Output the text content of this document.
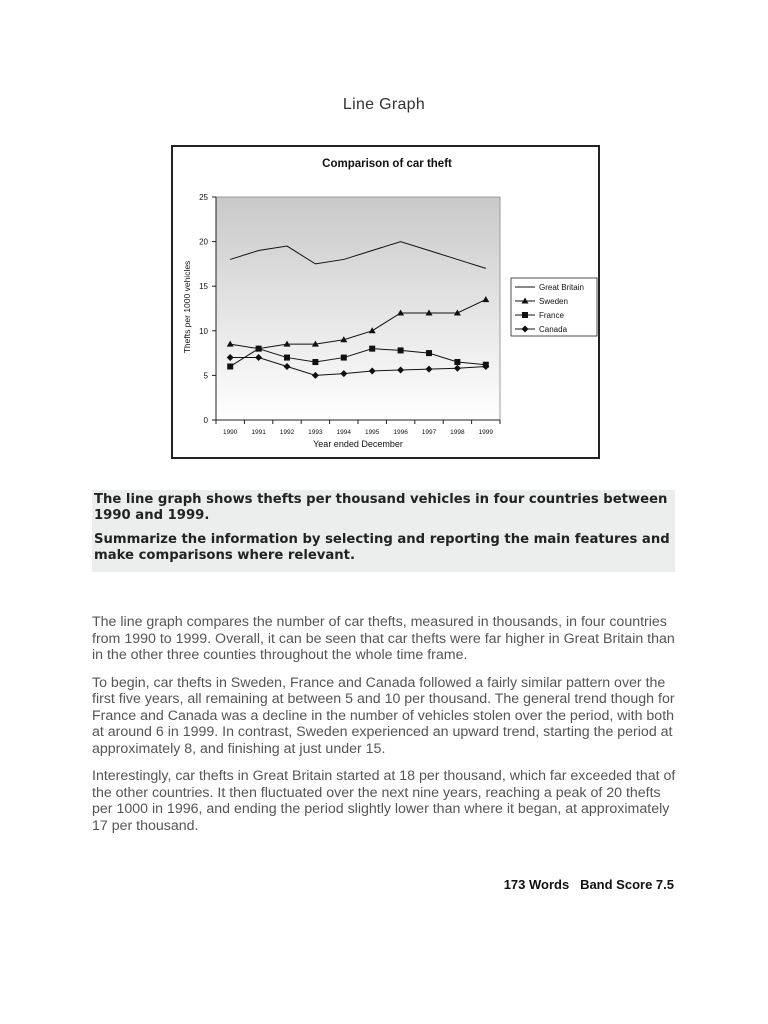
Line Graph
Comparison of car theft
0
5
10
15
20
25
1990 1991 1992 1993 1994 1995 1996 1997 1998 1999
Great Britain
Sweden
France
Canada
Year ended December
Thefts per 1000 vehicles

The line graph shows thefts per thousand vehicles in four countries between 1990 and 1999.

Summarize the information by selecting and reporting the main features and make comparisons where relevant.

The line graph compares the number of car thefts, measured in thousands, in four countries from 1990 to 1999. Overall, it can be seen that car thefts were far higher in Great Britain than in the other three counties throughout the whole time frame.

To begin, car thefts in Sweden, France and Canada followed a fairly similar pattern over the first five years, all remaining at between 5 and 10 per thousand. The general trend though for France and Canada was a decline in the number of vehicles stolen over the period, with both at around 6 in 1999. In contrast, Sweden experienced an upward trend, starting the period at approximately 8, and finishing at just under 15.

Interestingly, car thefts in Great Britain started at 18 per thousand, which far exceeded that of the other countries. It then fluctuated over the next nine years, reaching a peak of 20 thefts per 1000 in 1996, and ending the period slightly lower than where it began, at approximately 17 per thousand.

173 Words Band Score 7.5
